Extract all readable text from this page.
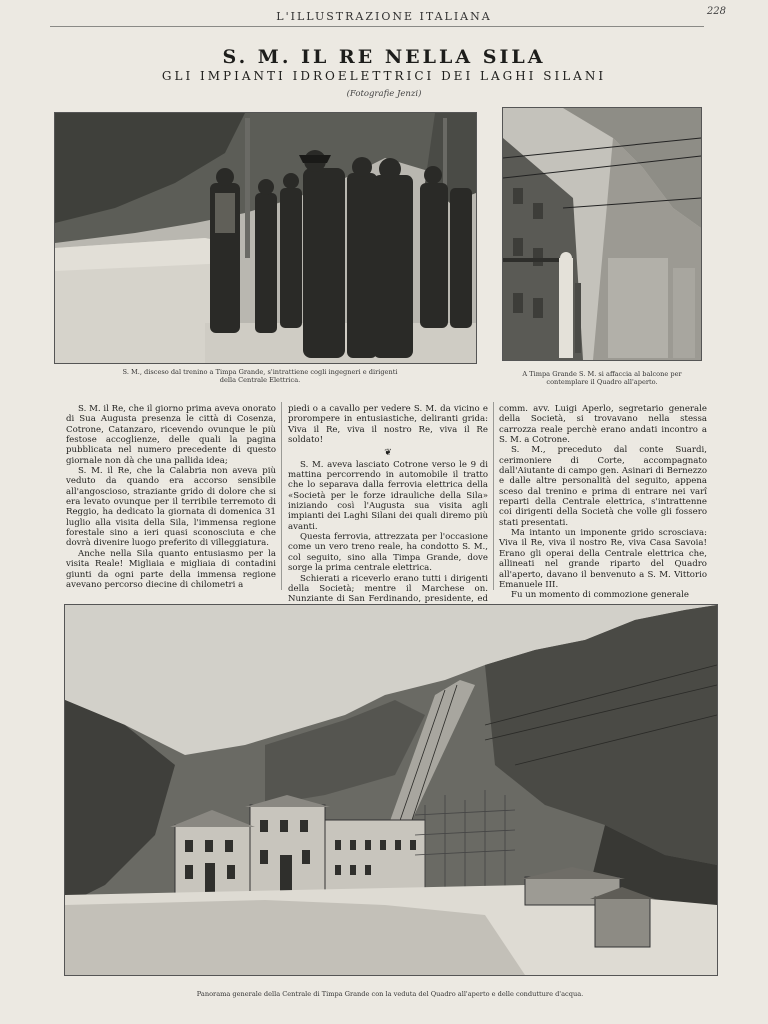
L'ILLUSTRAZIONE ITALIANA	228
S. M. IL RE NELLA SILA
GLI IMPIANTI IDROELETTRICI DEI LAGHI SILANI
(Fotografie Jenzi)
S. M., disceso dal trenino a Timpa Grande, s'intrattiene cogli ingegneri e dirigenti della Centrale Elettrica.
A Timpa Grande S. M. si affaccia al balcone per contemplare il Quadro all'aperto.

S. M. il Re, che il giorno prima aveva onorato di Sua Augusta presenza le città di Cosenza, Cotrone, Catanzaro, ricevendo ovunque le più festose accoglienze, delle quali la pagina pubblicata nel numero precedente di questo giornale non dà che una pallida idea;

S. M. il Re, che la Calabria non aveva più veduto da quando era accorso sensibile all'angoscioso, straziante grido di dolore che si era levato ovunque per il terribile terremoto di Reggio, ha dedicato la giornata di domenica 31 luglio alla visita della Sila, l'immensa regione forestale sino a ieri quasi sconosciuta e che dovrà divenire luogo preferito di villeggiatura.

Anche nella Sila quanto entusiasmo per la visita Reale! Migliaia e migliaia di contadini giunti da ogni parte della immensa regione avevano percorso diecine di chilometri a

piedi o a cavallo per vedere S. M. da vicino e prorompere in entusiastiche, deliranti grida: Viva il Re, viva il nostro Re, viva il Re soldato!

❦

S. M. aveva lasciato Cotrone verso le 9 di mattina percorrendo in automobile il tratto che lo separava dalla ferrovia elettrica della «Società per le forze idrauliche della Sila» iniziando così l'Augusta sua visita agli impianti dei Laghi Silani dei quali diremo più avanti.

Questa ferrovia, attrezzata per l'occasione come un vero treno reale, ha condotto S. M., col seguito, sino alla Timpa Grande, dove sorge la prima centrale elettrica.

Schierati a riceverlo erano tutti i dirigenti della Società; mentre il Marchese on. Nunziante di San Ferdinando, presidente, ed

comm. avv. Luigi Aperlo, segretario generale della Società, si trovavano nella stessa carrozza reale perchè erano andati incontro a S. M. a Cotrone.

S. M., preceduto dal conte Suardi, cerimoniere di Corte, accompagnato dall'Aiutante di campo gen. Asinari di Bernezzo e dalle altre personalità del seguito, appena sceso dal trenino e prima di entrare nei varî reparti della Centrale elettrica, s'intrattenne coi dirigenti della Società che volle gli fossero stati presentati.

Ma intanto un imponente grido scrosciava: Viva il Re, viva il nostro Re, viva Casa Savoia! Erano gli operai della Centrale elettrica che, allineati nel grande riparto del Quadro all'aperto, davano il benvenuto a S. M. Vittorio Emanuele III.

Fu un momento di commozione generale

Panorama generale della Centrale di Timpa Grande con la veduta del Quadro all'aperto e delle condutture d'acqua.
